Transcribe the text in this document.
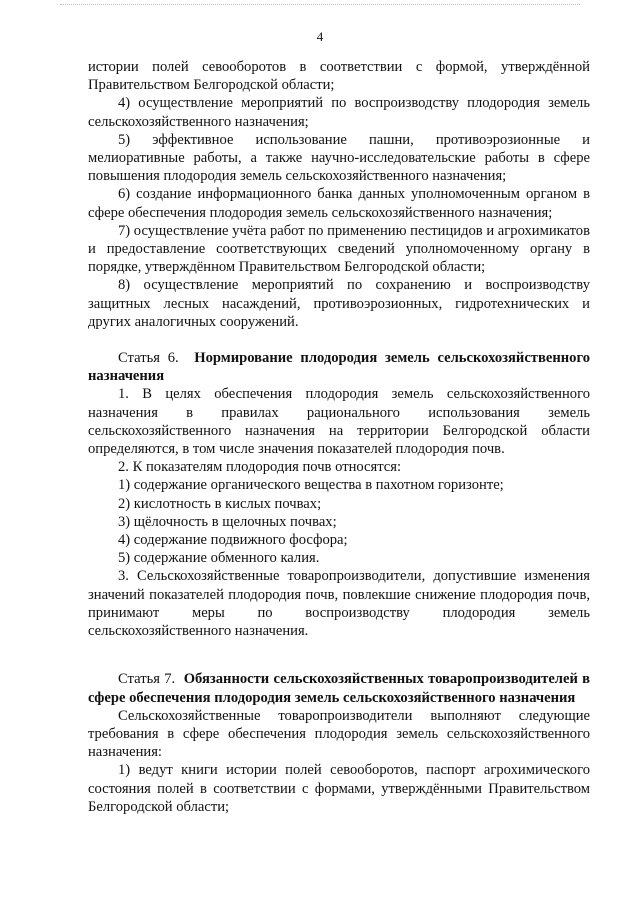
4

истории полей севооборотов в соответствии с формой, утверждённой Правительством Белгородской области;

4) осуществление мероприятий по воспроизводству плодородия земель сельскохозяйственного назначения;

5) эффективное использование пашни, противоэрозионные и мелиоративные работы, а также научно-исследовательские работы в сфере повышения плодородия земель сельскохозяйственного назначения;

6) создание информационного банка данных уполномоченным органом в сфере обеспечения плодородия земель сельскохозяйственного назначения;

7) осуществление учёта работ по применению пестицидов и агрохимикатов и предоставление соответствующих сведений уполномоченному органу в порядке, утверждённом Правительством Белгородской области;

8) осуществление мероприятий по сохранению и воспроизводству защитных лесных насаждений, противоэрозионных, гидротехнических и других аналогичных сооружений.

Статья 6. Нормирование плодородия земель сельскохозяйственного назначения

1. В целях обеспечения плодородия земель сельскохозяйственного назначения в правилах рационального использования земель сельскохозяйственного назначения на территории Белгородской области определяются, в том числе значения показателей плодородия почв.

2. К показателям плодородия почв относятся:

1) содержание органического вещества в пахотном горизонте;

2) кислотность в кислых почвах;

3) щёлочность в щелочных почвах;

4) содержание подвижного фосфора;

5) содержание обменного калия.

3. Сельскохозяйственные товаропроизводители, допустившие изменения значений показателей плодородия почв, повлекшие снижение плодородия почв, принимают меры по воспроизводству плодородия земель сельскохозяйственного назначения.

Статья 7. Обязанности сельскохозяйственных товаропроизводителей в сфере обеспечения плодородия земель сельскохозяйственного назначения

Сельскохозяйственные товаропроизводители выполняют следующие требования в сфере обеспечения плодородия земель сельскохозяйственного назначения:

1) ведут книги истории полей севооборотов, паспорт агрохимического состояния полей в соответствии с формами, утверждёнными Правительством Белгородской области;
